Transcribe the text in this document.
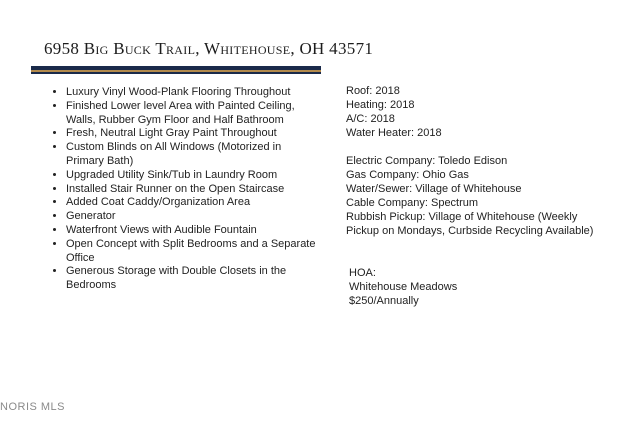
6958 Big Buck Trail, Whitehouse, OH 43571
• Luxury Vinyl Wood-Plank Flooring Throughout
• Finished Lower level Area with Painted Ceiling, Walls, Rubber Gym Floor and Half Bathroom
• Fresh, Neutral Light Gray Paint Throughout
• Custom Blinds on All Windows (Motorized in Primary Bath)
• Upgraded Utility Sink/Tub in Laundry Room
• Installed Stair Runner on the Open Staircase
• Added Coat Caddy/Organization Area
• Generator
• Waterfront Views with Audible Fountain
• Open Concept with Split Bedrooms and a Separate Office
• Generous Storage with Double Closets in the Bedrooms
Roof: 2018
Heating: 2018
A/C: 2018
Water Heater: 2018
Electric Company: Toledo Edison
Gas Company: Ohio Gas
Water/Sewer: Village of Whitehouse
Cable Company: Spectrum
Rubbish Pickup: Village of Whitehouse (Weekly
Pickup on Mondays, Curbside Recycling Available)
HOA:
Whitehouse Meadows
$250/Annually
NORIS MLS
